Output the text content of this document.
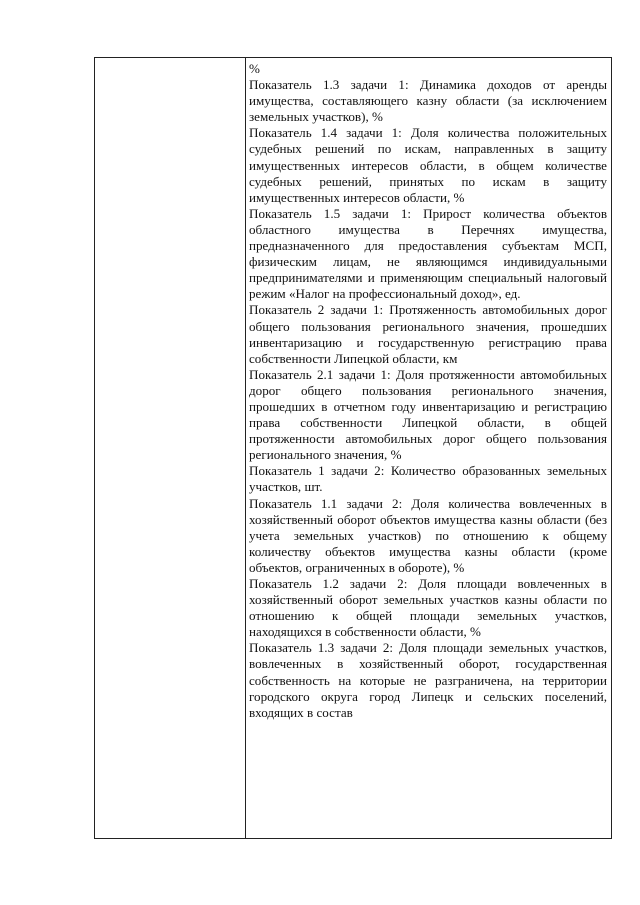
%

Показатель 1.3 задачи 1: Динамика доходов от аренды имущества, составляющего казну области (за исключением земельных участков), %

Показатель 1.4 задачи 1: Доля количества положительных судебных решений по искам, направленных в защиту имущественных интересов области, в общем количестве судебных решений, принятых по искам в защиту имущественных интересов области, %

Показатель 1.5 задачи 1: Прирост количества объектов областного имущества в Перечнях имущества, предназначенного для предоставления субъектам МСП, физическим лицам, не являющимся индивидуальными предпринимателями и применяющим специальный налоговый режим «Налог на профессиональный доход», ед.

Показатель 2 задачи 1: Протяженность автомобильных дорог общего пользования регионального значения, прошедших инвентаризацию и государственную регистрацию права собственности Липецкой области, км

Показатель 2.1 задачи 1: Доля протяженности автомобильных дорог общего пользования регионального значения, прошедших в отчетном году инвентаризацию и регистрацию права собственности Липецкой области, в общей протяженности автомобильных дорог общего пользования регионального значения, %

Показатель 1 задачи 2: Количество образованных земельных участков, шт.

Показатель 1.1 задачи 2: Доля количества вовлеченных в хозяйственный оборот объектов имущества казны области (без учета земельных участков) по отношению к общему количеству объектов имущества казны области (кроме объектов, ограниченных в обороте), %

Показатель 1.2 задачи 2: Доля площади вовлеченных в хозяйственный оборот земельных участков казны области по отношению к общей площади земельных участков, находящихся в собственности области, %

Показатель 1.3 задачи 2: Доля площади земельных участков, вовлеченных в хозяйственный оборот, государственная собственность на которые не разграничена, на территории городского округа город Липецк и сельских поселений, входящих в состав
